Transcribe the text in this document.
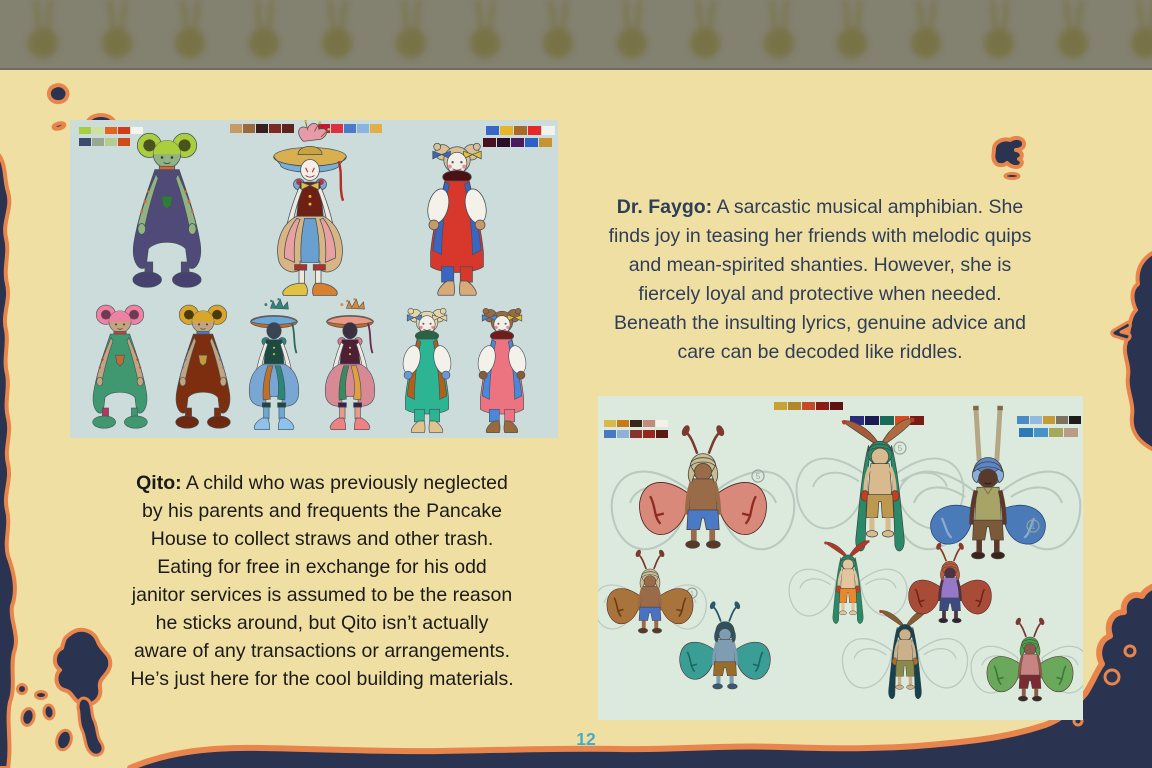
Dr. Faygo: A sarcastic musical amphibian. She
finds joy in teasing her friends with melodic quips
and mean-spirited shanties. However, she is
fiercely loyal and protective when needed.
Beneath the insulting lyrics, genuine advice and
care can be decoded like riddles.
Qito: A child who was previously neglected
by his parents and frequents the Pancake
House to collect straws and other trash.
Eating for free in exchange for his odd
janitor services is assumed to be the reason
he sticks around, but Qito isn’t actually
aware of any transactions or arrangements.
He’s just here for the cool building materials.
5
5
1
1
12
